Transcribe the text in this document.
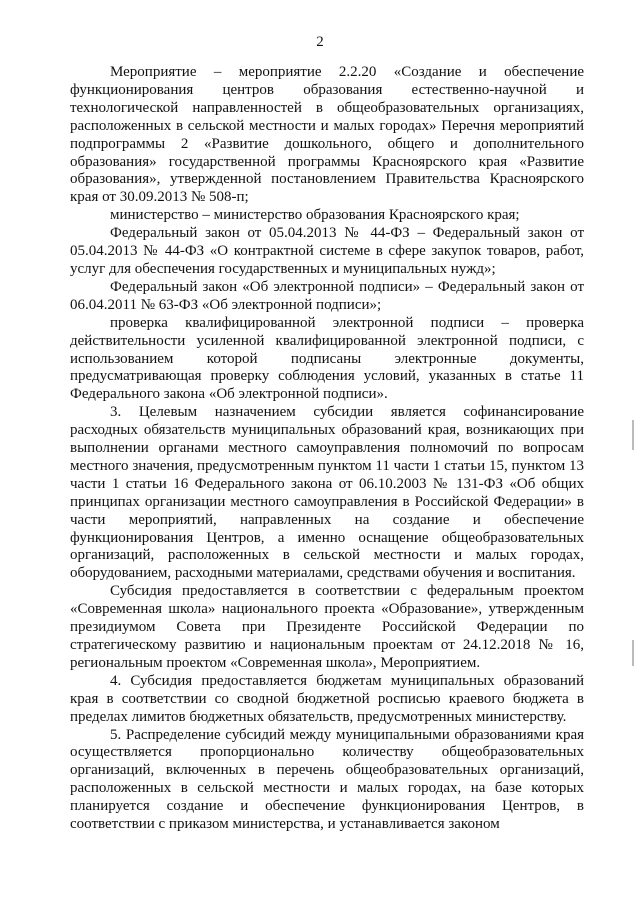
2

Мероприятие – мероприятие 2.2.20 «Создание и обеспечение функционирования центров образования естественно-научной и технологической направленностей в общеобразовательных организациях, расположенных в сельской местности и малых городах» Перечня мероприятий подпрограммы 2 «Развитие дошкольного, общего и дополнительного образования» государственной программы Красноярского края «Развитие образования», утвержденной постановлением Правительства Красноярского края от 30.09.2013 № 508-п;

министерство – министерство образования Красноярского края;

Федеральный закон от 05.04.2013 № 44-ФЗ – Федеральный закон от 05.04.2013 № 44-ФЗ «О контрактной системе в сфере закупок товаров, работ, услуг для обеспечения государственных и муниципальных нужд»;

Федеральный закон «Об электронной подписи» – Федеральный закон от 06.04.2011 № 63-ФЗ «Об электронной подписи»;

проверка квалифицированной электронной подписи – проверка действительности усиленной квалифицированной электронной подписи, с использованием которой подписаны электронные документы, предусматривающая проверку соблюдения условий, указанных в статье 11 Федерального закона «Об электронной подписи».

3. Целевым назначением субсидии является софинансирование расходных обязательств муниципальных образований края, возникающих при выполнении органами местного самоуправления полномочий по вопросам местного значения, предусмотренным пунктом 11 части 1 статьи 15, пунктом 13 части 1 статьи 16 Федерального закона от 06.10.2003 № 131-ФЗ «Об общих принципах организации местного самоуправления в Российской Федерации» в части мероприятий, направленных на создание и обеспечение функционирования Центров, а именно оснащение общеобразовательных организаций, расположенных в сельской местности и малых городах, оборудованием, расходными материалами, средствами обучения и воспитания.

Субсидия предоставляется в соответствии с федеральным проектом «Современная школа» национального проекта «Образование», утвержденным президиумом Совета при Президенте Российской Федерации по стратегическому развитию и национальным проектам от 24.12.2018 № 16, региональным проектом «Современная школа», Мероприятием.

4. Субсидия предоставляется бюджетам муниципальных образований края в соответствии со сводной бюджетной росписью краевого бюджета в пределах лимитов бюджетных обязательств, предусмотренных министерству.

5. Распределение субсидий между муниципальными образованиями края осуществляется пропорционально количеству общеобразовательных организаций, включенных в перечень общеобразовательных организаций, расположенных в сельской местности и малых городах, на базе которых планируется создание и обеспечение функционирования Центров, в соответствии с приказом министерства, и устанавливается законом
